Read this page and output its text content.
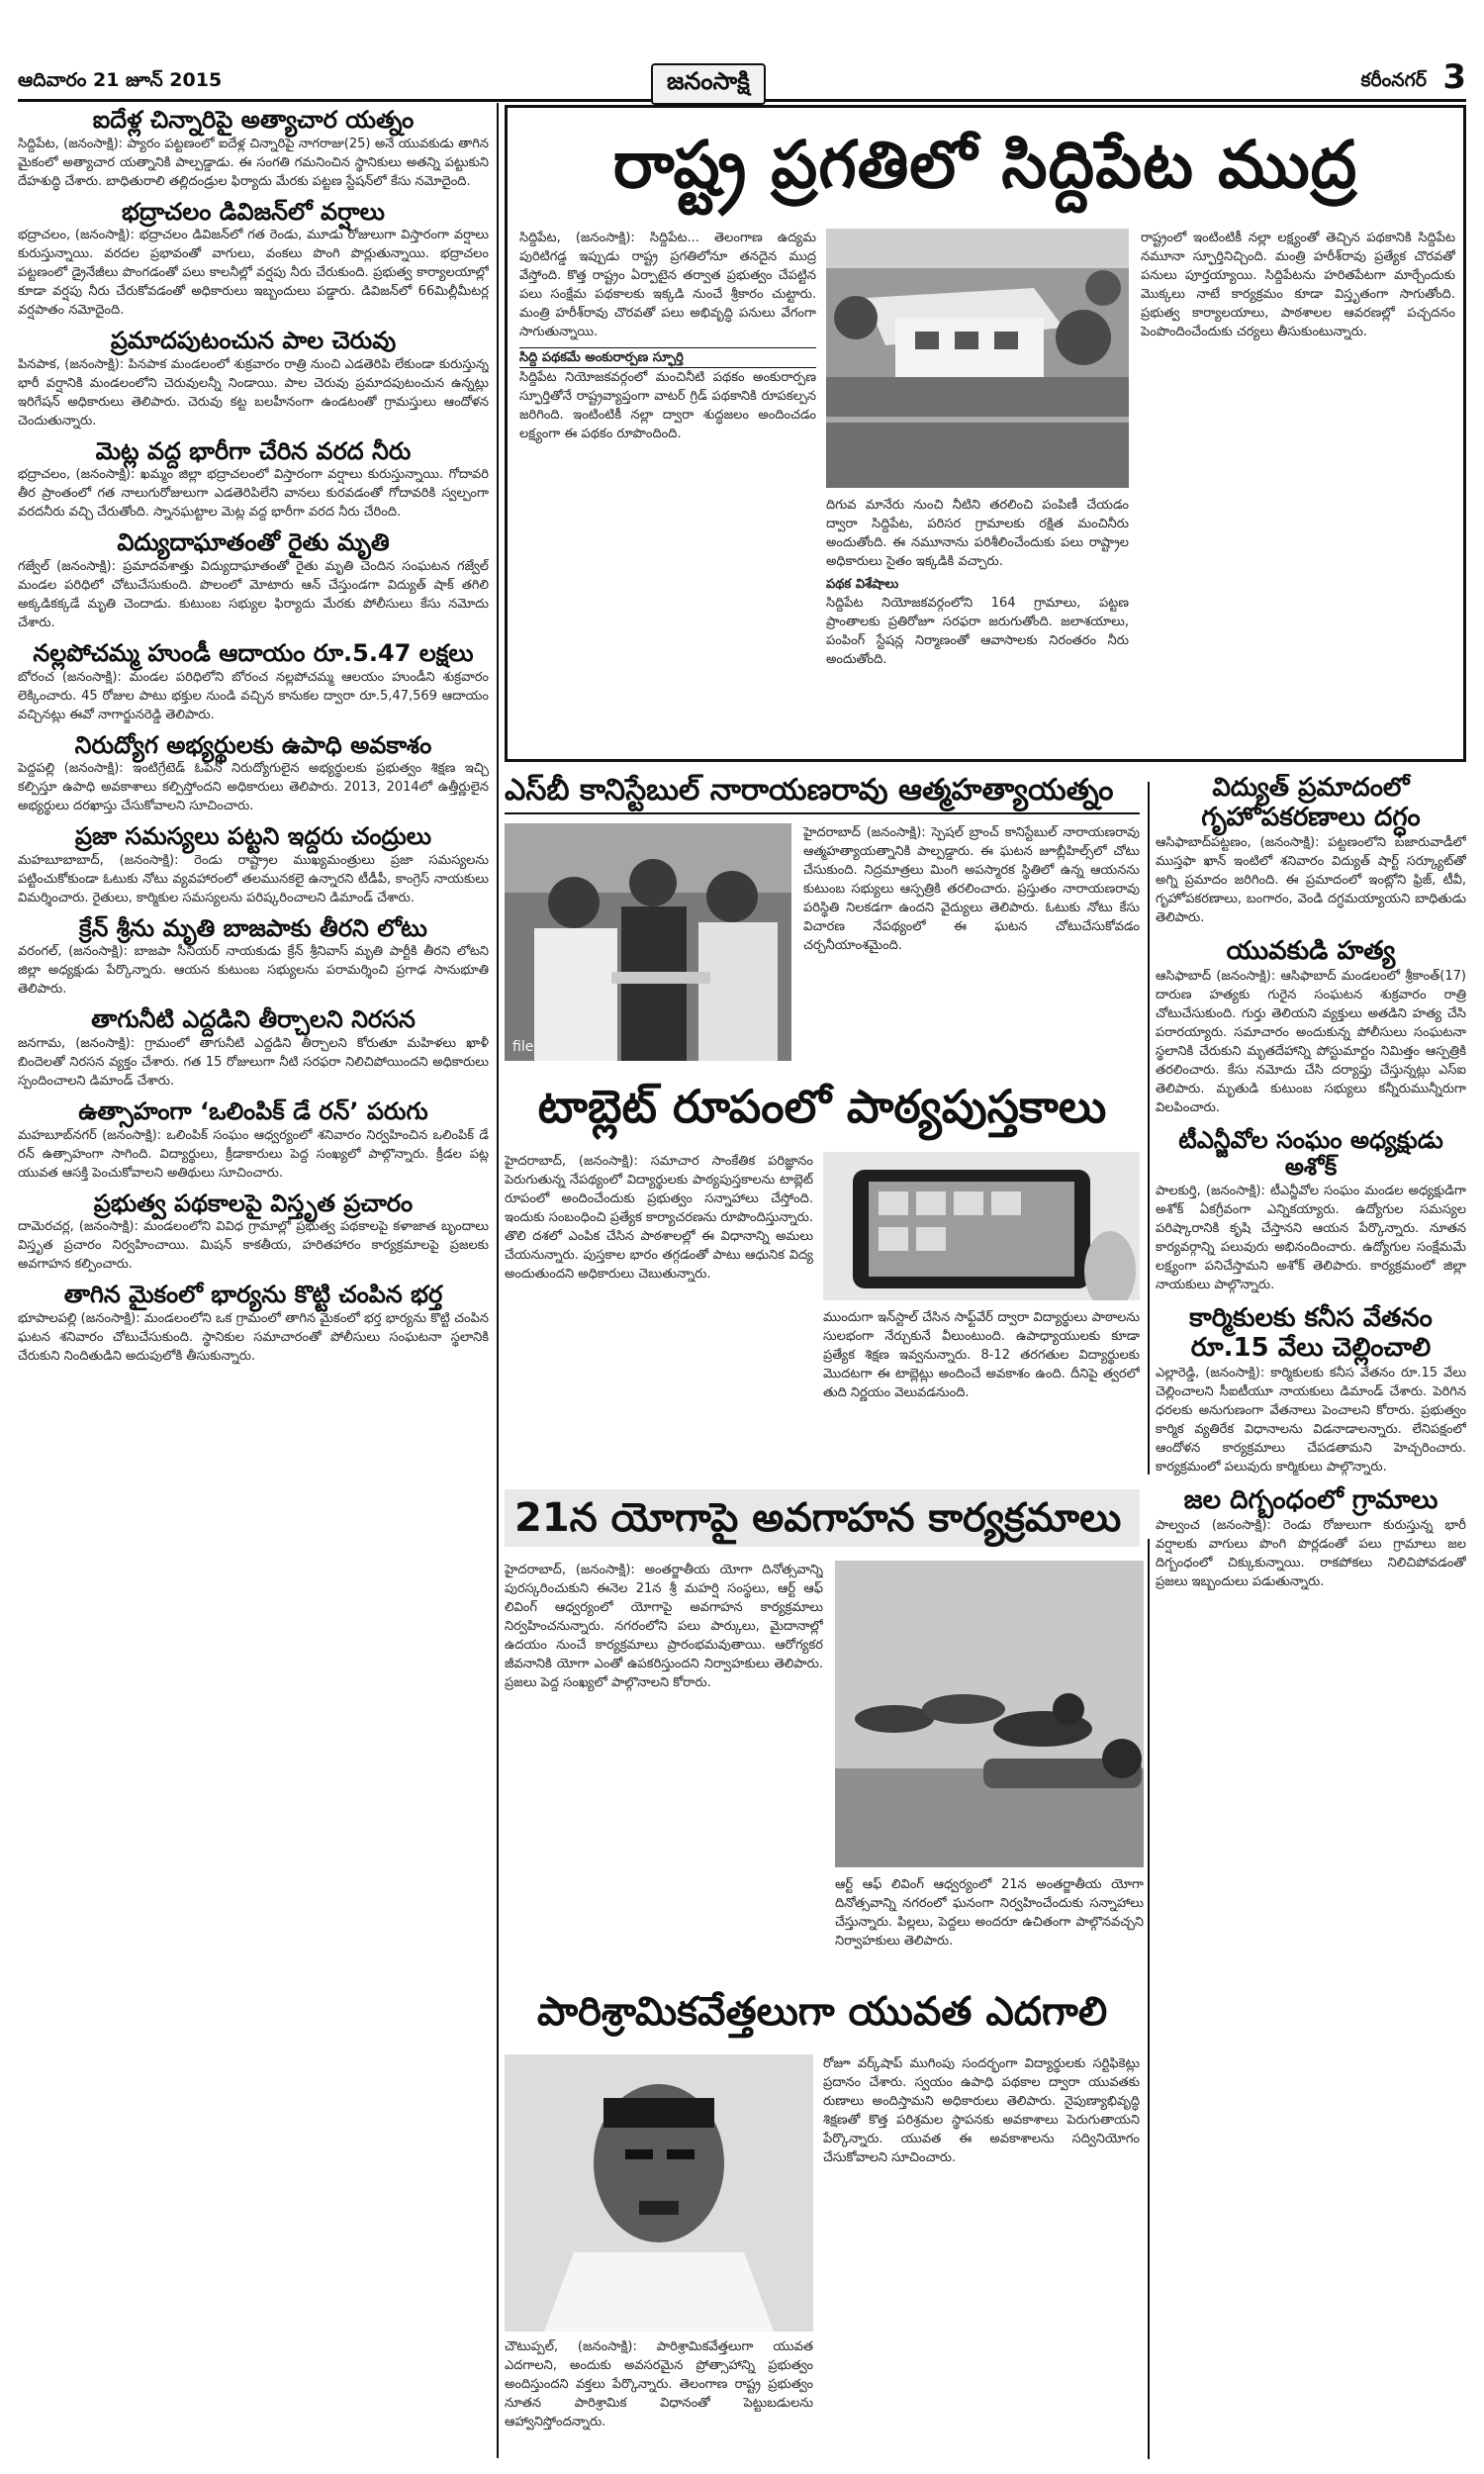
ఆదివారం 21 జూన్ 2015	జనంసాక్షి	కరీంనగర్ 3
ఐదేళ్ల చిన్నారిపై అత్యాచార యత్నం

సిద్దిపేట, (జనంసాక్షి): ప్యారం పట్టణంలో ఐదేళ్ల చిన్నారిపై నాగరాజు(25) అనే యువకుడు తాగిన మైకంలో అత్యాచార యత్నానికి పాల్పడ్డాడు. ఈ సంగతి గమనించిన స్థానికులు అతన్ని పట్టుకుని దేహశుద్ధి చేశారు. బాధితురాలి తల్లిదండ్రుల ఫిర్యాదు మేరకు పట్టణ స్టేషన్‌లో కేసు నమోదైంది.

భద్రాచలం డివిజన్‌లో వర్షాలు

భద్రాచలం, (జనంసాక్షి): భద్రాచలం డివిజన్‌లో గత రెండు, మూడు రోజులుగా విస్తారంగా వర్షాలు కురుస్తున్నాయి. వరదల ప్రభావంతో వాగులు, వంకలు పొంగి పొర్లుతున్నాయి. భద్రాచలం పట్టణంలో డ్రైనేజీలు పొంగడంతో పలు కాలనీల్లో వర్షపు నీరు చేరుకుంది. ప్రభుత్వ కార్యాలయాల్లో కూడా వర్షపు నీరు చేరుకోవడంతో అధికారులు ఇబ్బందులు పడ్డారు. డివిజన్‌లో 66మిల్లీమీటర్ల వర్షపాతం నమోదైంది.

ప్రమాదపుటంచున పాల చెరువు

పినపాక, (జనంసాక్షి): పినపాక మండలంలో శుక్రవారం రాత్రి నుంచి ఎడతెరిపి లేకుండా కురుస్తున్న భారీ వర్షానికి మండలంలోని చెరువులన్నీ నిండాయి. పాల చెరువు ప్రమాదపుటంచున ఉన్నట్లు ఇరిగేషన్ అధికారులు తెలిపారు. చెరువు కట్ట బలహీనంగా ఉండటంతో గ్రామస్తులు ఆందోళన చెందుతున్నారు.

మెట్ల వద్ద భారీగా చేరిన వరద నీరు

భద్రాచలం, (జనంసాక్షి): ఖమ్మం జిల్లా భద్రాచలంలో విస్తారంగా వర్షాలు కురుస్తున్నాయి. గోదావరి తీర ప్రాంతంలో గత నాలుగురోజులుగా ఎడతెరిపిలేని వానలు కురవడంతో గోదావరికి స్వల్పంగా వరదనీరు వచ్చి చేరుతోంది. స్నానఘట్టాల మెట్ల వద్ద భారీగా వరద నీరు చేరింది.

విద్యుదాఘాతంతో రైతు మృతి

గజ్వేల్ (జనంసాక్షి): ప్రమాదవశాత్తు విద్యుదాఘాతంతో రైతు మృతి చెందిన సంఘటన గజ్వేల్ మండల పరిధిలో చోటుచేసుకుంది. పొలంలో మోటారు ఆన్ చేస్తుండగా విద్యుత్ షాక్ తగిలి అక్కడికక్కడే మృతి చెందాడు. కుటుంబ సభ్యుల ఫిర్యాదు మేరకు పోలీసులు కేసు నమోదు చేశారు.

నల్లపోచమ్మ హుండీ ఆదాయం రూ.5.47 లక్షలు

బోరంచ (జనంసాక్షి): మండల పరిధిలోని బోరంచ నల్లపోచమ్మ ఆలయం హుండీని శుక్రవారం లెక్కించారు. 45 రోజుల పాటు భక్తుల నుండి వచ్చిన కానుకల ద్వారా రూ.5,47,569 ఆదాయం వచ్చినట్లు ఈవో నాగార్జునరెడ్డి తెలిపారు.

నిరుద్యోగ అభ్యర్థులకు ఉపాధి అవకాశం

పెద్దపల్లి (జనంసాక్షి): ఇంటిగ్రేటెడ్ ఓపెన్ నిరుద్యోగులైన అభ్యర్థులకు ప్రభుత్వం శిక్షణ ఇచ్చి కల్పిస్తూ ఉపాధి అవకాశాలు కల్పిస్తోందని అధికారులు తెలిపారు. 2013, 2014లో ఉత్తీర్ణులైన అభ్యర్థులు దరఖాస్తు చేసుకోవాలని సూచించారు.

ప్రజా సమస్యలు పట్టని ఇద్దరు చంద్రులు

మహబూబాబాద్, (జనంసాక్షి): రెండు రాష్ట్రాల ముఖ్యమంత్రులు ప్రజా సమస్యలను పట్టించుకోకుండా ఓటుకు నోటు వ్యవహారంలో తలమునకలై ఉన్నారని టీడీపీ, కాంగ్రెస్ నాయకులు విమర్శించారు. రైతులు, కార్మికుల సమస్యలను పరిష్కరించాలని డిమాండ్ చేశారు.

క్రేన్ శ్రీను మృతి బాజపాకు తీరని లోటు

వరంగల్, (జనంసాక్షి): బాజపా సీనియర్ నాయకుడు క్రేన్ శ్రీనివాస్ మృతి పార్టీకి తీరని లోటని జిల్లా అధ్యక్షుడు పేర్కొన్నారు. ఆయన కుటుంబ సభ్యులను పరామర్శించి ప్రగాఢ సానుభూతి తెలిపారు.

తాగునీటి ఎద్దడిని తీర్చాలని నిరసన

జనగామ, (జనంసాక్షి): గ్రామంలో తాగునీటి ఎద్దడిని తీర్చాలని కోరుతూ మహిళలు ఖాళీ బిందెలతో నిరసన వ్యక్తం చేశారు. గత 15 రోజులుగా నీటి సరఫరా నిలిచిపోయిందని అధికారులు స్పందించాలని డిమాండ్ చేశారు.

ఉత్సాహంగా ‘ఒలింపిక్ డే రన్’ పరుగు

మహబూబ్‌నగర్ (జనంసాక్షి): ఒలింపిక్ సంఘం ఆధ్వర్యంలో శనివారం నిర్వహించిన ఒలింపిక్ డే రన్ ఉత్సాహంగా సాగింది. విద్యార్థులు, క్రీడాకారులు పెద్ద సంఖ్యలో పాల్గొన్నారు. క్రీడల పట్ల యువత ఆసక్తి పెంచుకోవాలని అతిథులు సూచించారు.

ప్రభుత్వ పథకాలపై విస్తృత ప్రచారం

దామెరచర్ల, (జనంసాక్షి): మండలంలోని వివిధ గ్రామాల్లో ప్రభుత్వ పథకాలపై కళాజాత బృందాలు విస్తృత ప్రచారం నిర్వహించాయి. మిషన్ కాకతీయ, హరితహారం కార్యక్రమాలపై ప్రజలకు అవగాహన కల్పించారు.

తాగిన మైకంలో భార్యను కొట్టి చంపిన భర్త

భూపాలపల్లి (జనంసాక్షి): మండలంలోని ఒక గ్రామంలో తాగిన మైకంలో భర్త భార్యను కొట్టి చంపిన ఘటన శనివారం చోటుచేసుకుంది. స్థానికుల సమాచారంతో పోలీసులు సంఘటనా స్థలానికి చేరుకుని నిందితుడిని అదుపులోకి తీసుకున్నారు.

రాష్ట్ర ప్రగతిలో సిద్దిపేట ముద్ర

సిద్దిపేట, (జనంసాక్షి): సిద్దిపేట... తెలంగాణ ఉద్యమ పురిటిగడ్డ ఇప్పుడు రాష్ట్ర ప్రగతిలోనూ తనదైన ముద్ర వేస్తోంది. కొత్త రాష్ట్రం ఏర్పాటైన తర్వాత ప్రభుత్వం చేపట్టిన పలు సంక్షేమ పథకాలకు ఇక్కడి నుంచే శ్రీకారం చుట్టారు. మంత్రి హరీశ్‌రావు చొరవతో పలు అభివృద్ధి పనులు వేగంగా సాగుతున్నాయి.

సిద్ది పథకమే అంకురార్పణ స్ఫూర్తి

సిద్దిపేట నియోజకవర్గంలో మంచినీటి పథకం అంకురార్పణ స్ఫూర్తితోనే రాష్ట్రవ్యాప్తంగా వాటర్ గ్రిడ్ పథకానికి రూపకల్పన జరిగింది. ఇంటింటికీ నల్లా ద్వారా శుద్ధజలం అందించడం లక్ష్యంగా ఈ పథకం రూపొందింది.

దిగువ మానేరు నుంచి నీటిని తరలించి పంపిణీ చేయడం ద్వారా సిద్దిపేట, పరిసర గ్రామాలకు రక్షిత మంచినీరు అందుతోంది. ఈ నమూనాను పరిశీలించేందుకు పలు రాష్ట్రాల అధికారులు సైతం ఇక్కడికి వచ్చారు.

పథక విశేషాలు

సిద్దిపేట నియోజకవర్గంలోని 164 గ్రామాలు, పట్టణ ప్రాంతాలకు ప్రతిరోజూ సరఫరా జరుగుతోంది. జలాశయాలు, పంపింగ్ స్టేషన్ల నిర్మాణంతో ఆవాసాలకు నిరంతరం నీరు అందుతోంది.

రాష్ట్రంలో ఇంటింటికీ నల్లా లక్ష్యంతో తెచ్చిన పథకానికి సిద్దిపేట నమూనా స్ఫూర్తినిచ్చింది. మంత్రి హరీశ్‌రావు ప్రత్యేక చొరవతో పనులు పూర్తయ్యాయి. సిద్దిపేటను హరితపేటగా మార్చేందుకు మొక్కలు నాటే కార్యక్రమం కూడా విస్తృతంగా సాగుతోంది. ప్రభుత్వ కార్యాలయాలు, పాఠశాలల ఆవరణల్లో పచ్చదనం పెంపొందించేందుకు చర్యలు తీసుకుంటున్నారు.

ఎస్‌బీ కానిస్టేబుల్ నారాయణరావు ఆత్మహత్యాయత్నం
file

హైదరాబాద్ (జనంసాక్షి): స్పెషల్ బ్రాంచ్ కానిస్టేబుల్ నారాయణరావు ఆత్మహత్యాయత్నానికి పాల్పడ్డారు. ఈ ఘటన జూబ్లీహిల్స్‌లో చోటు చేసుకుంది. నిద్రమాత్రలు మింగి అపస్మారక స్థితిలో ఉన్న ఆయనను కుటుంబ సభ్యులు ఆస్పత్రికి తరలించారు. ప్రస్తుతం నారాయణరావు పరిస్థితి నిలకడగా ఉందని వైద్యులు తెలిపారు. ఓటుకు నోటు కేసు విచారణ నేపథ్యంలో ఈ ఘటన చోటుచేసుకోవడం చర్చనీయాంశమైంది.

టాబ్లెట్ రూపంలో పాఠ్యపుస్తకాలు

హైదరాబాద్, (జనంసాక్షి): సమాచార సాంకేతిక పరిజ్ఞానం పెరుగుతున్న నేపథ్యంలో విద్యార్థులకు పాఠ్యపుస్తకాలను టాబ్లెట్ రూపంలో అందించేందుకు ప్రభుత్వం సన్నాహాలు చేస్తోంది. ఇందుకు సంబంధించి ప్రత్యేక కార్యాచరణను రూపొందిస్తున్నారు. తొలి దశలో ఎంపిక చేసిన పాఠశాలల్లో ఈ విధానాన్ని అమలు చేయనున్నారు. పుస్తకాల భారం తగ్గడంతో పాటు ఆధునిక విద్య అందుతుందని అధికారులు చెబుతున్నారు.

ముందుగా ఇన్‌స్టాల్ చేసిన సాఫ్ట్‌వేర్ ద్వారా విద్యార్థులు పాఠాలను సులభంగా నేర్చుకునే వీలుంటుంది. ఉపాధ్యాయులకు కూడా ప్రత్యేక శిక్షణ ఇవ్వనున్నారు. 8-12 తరగతుల విద్యార్థులకు మొదటగా ఈ టాబ్లెట్లు అందించే అవకాశం ఉంది. దీనిపై త్వరలో తుది నిర్ణయం వెలువడనుంది.

21న యోగాపై అవగాహన కార్యక్రమాలు

హైదరాబాద్, (జనంసాక్షి): అంతర్జాతీయ యోగా దినోత్సవాన్ని పురస్కరించుకుని ఈనెల 21న శ్రీ మహర్షి సంస్థలు, ఆర్ట్ ఆఫ్ లివింగ్ ఆధ్వర్యంలో యోగాపై అవగాహన కార్యక్రమాలు నిర్వహించనున్నారు. నగరంలోని పలు పార్కులు, మైదానాల్లో ఉదయం నుంచే కార్యక్రమాలు ప్రారంభమవుతాయి. ఆరోగ్యకర జీవనానికి యోగా ఎంతో ఉపకరిస్తుందని నిర్వాహకులు తెలిపారు. ప్రజలు పెద్ద సంఖ్యలో పాల్గొనాలని కోరారు.

ఆర్ట్ ఆఫ్ లివింగ్ ఆధ్వర్యంలో 21న అంతర్జాతీయ యోగా దినోత్సవాన్ని నగరంలో ఘనంగా నిర్వహించేందుకు సన్నాహాలు చేస్తున్నారు. పిల్లలు, పెద్దలు అందరూ ఉచితంగా పాల్గొనవచ్చని నిర్వాహకులు తెలిపారు.

పారిశ్రామికవేత్తలుగా యువత ఎదగాలి

చౌటుప్పల్, (జనంసాక్షి): పారిశ్రామికవేత్తలుగా యువత ఎదగాలని, అందుకు అవసరమైన ప్రోత్సాహాన్ని ప్రభుత్వం అందిస్తుందని వక్తలు పేర్కొన్నారు. తెలంగాణ రాష్ట్ర ప్రభుత్వం నూతన పారిశ్రామిక విధానంతో పెట్టుబడులను ఆహ్వానిస్తోందన్నారు.

రోజూ వర్క్‌షాప్ ముగింపు సందర్భంగా విద్యార్థులకు సర్టిఫికెట్లు ప్రదానం చేశారు. స్వయం ఉపాధి పథకాల ద్వారా యువతకు రుణాలు అందిస్తామని అధికారులు తెలిపారు. నైపుణ్యాభివృద్ధి శిక్షణతో కొత్త పరిశ్రమల స్థాపనకు అవకాశాలు పెరుగుతాయని పేర్కొన్నారు. యువత ఈ అవకాశాలను సద్వినియోగం చేసుకోవాలని సూచించారు.

విద్యుత్ ప్రమాదంలో గృహోపకరణాలు దగ్ధం

ఆసిఫాబాద్‌పట్టణం, (జనంసాక్షి): పట్టణంలోని బజారువాడీలో ముస్తఫా ఖాన్ ఇంటిలో శనివారం విద్యుత్ షార్ట్ సర్క్యూట్‌తో అగ్ని ప్రమాదం జరిగింది. ఈ ప్రమాదంలో ఇంట్లోని ఫ్రిజ్, టీవీ, గృహోపకరణాలు, బంగారం, వెండి దగ్ధమయ్యాయని బాధితుడు తెలిపారు.

యువకుడి హత్య

ఆసిఫాబాద్ (జనంసాక్షి): ఆసిఫాబాద్ మండలంలో శ్రీకాంత్(17) దారుణ హత్యకు గురైన సంఘటన శుక్రవారం రాత్రి చోటుచేసుకుంది. గుర్తు తెలియని వ్యక్తులు అతడిని హత్య చేసి పరారయ్యారు. సమాచారం అందుకున్న పోలీసులు సంఘటనా స్థలానికి చేరుకుని మృతదేహాన్ని పోస్టుమార్టం నిమిత్తం ఆస్పత్రికి తరలించారు. కేసు నమోదు చేసి దర్యాప్తు చేస్తున్నట్లు ఎస్‌ఐ తెలిపారు. మృతుడి కుటుంబ సభ్యులు కన్నీరుమున్నీరుగా విలపించారు.

టీఎన్జీవోల సంఘం అధ్యక్షుడు అశోక్

పాలకుర్తి, (జనంసాక్షి): టీఎన్జీవోల సంఘం మండల అధ్యక్షుడిగా అశోక్ ఏకగ్రీవంగా ఎన్నికయ్యారు. ఉద్యోగుల సమస్యల పరిష్కారానికి కృషి చేస్తానని ఆయన పేర్కొన్నారు. నూతన కార్యవర్గాన్ని పలువురు అభినందించారు. ఉద్యోగుల సంక్షేమమే లక్ష్యంగా పనిచేస్తామని అశోక్ తెలిపారు. కార్యక్రమంలో జిల్లా నాయకులు పాల్గొన్నారు.

కార్మికులకు కనీస వేతనం రూ.15 వేలు చెల్లించాలి

ఎల్లారెడ్డి, (జనంసాక్షి): కార్మికులకు కనీస వేతనం రూ.15 వేలు చెల్లించాలని సీఐటీయూ నాయకులు డిమాండ్ చేశారు. పెరిగిన ధరలకు అనుగుణంగా వేతనాలు పెంచాలని కోరారు. ప్రభుత్వం కార్మిక వ్యతిరేక విధానాలను విడనాడాలన్నారు. లేనిపక్షంలో ఆందోళన కార్యక్రమాలు చేపడతామని హెచ్చరించారు. కార్యక్రమంలో పలువురు కార్మికులు పాల్గొన్నారు.

జల దిగ్బంధంలో గ్రామాలు

పాల్వంచ (జనంసాక్షి): రెండు రోజులుగా కురుస్తున్న భారీ వర్షాలకు వాగులు పొంగి పొర్లడంతో పలు గ్రామాలు జల దిగ్బంధంలో చిక్కుకున్నాయి. రాకపోకలు నిలిచిపోవడంతో ప్రజలు ఇబ్బందులు పడుతున్నారు.
